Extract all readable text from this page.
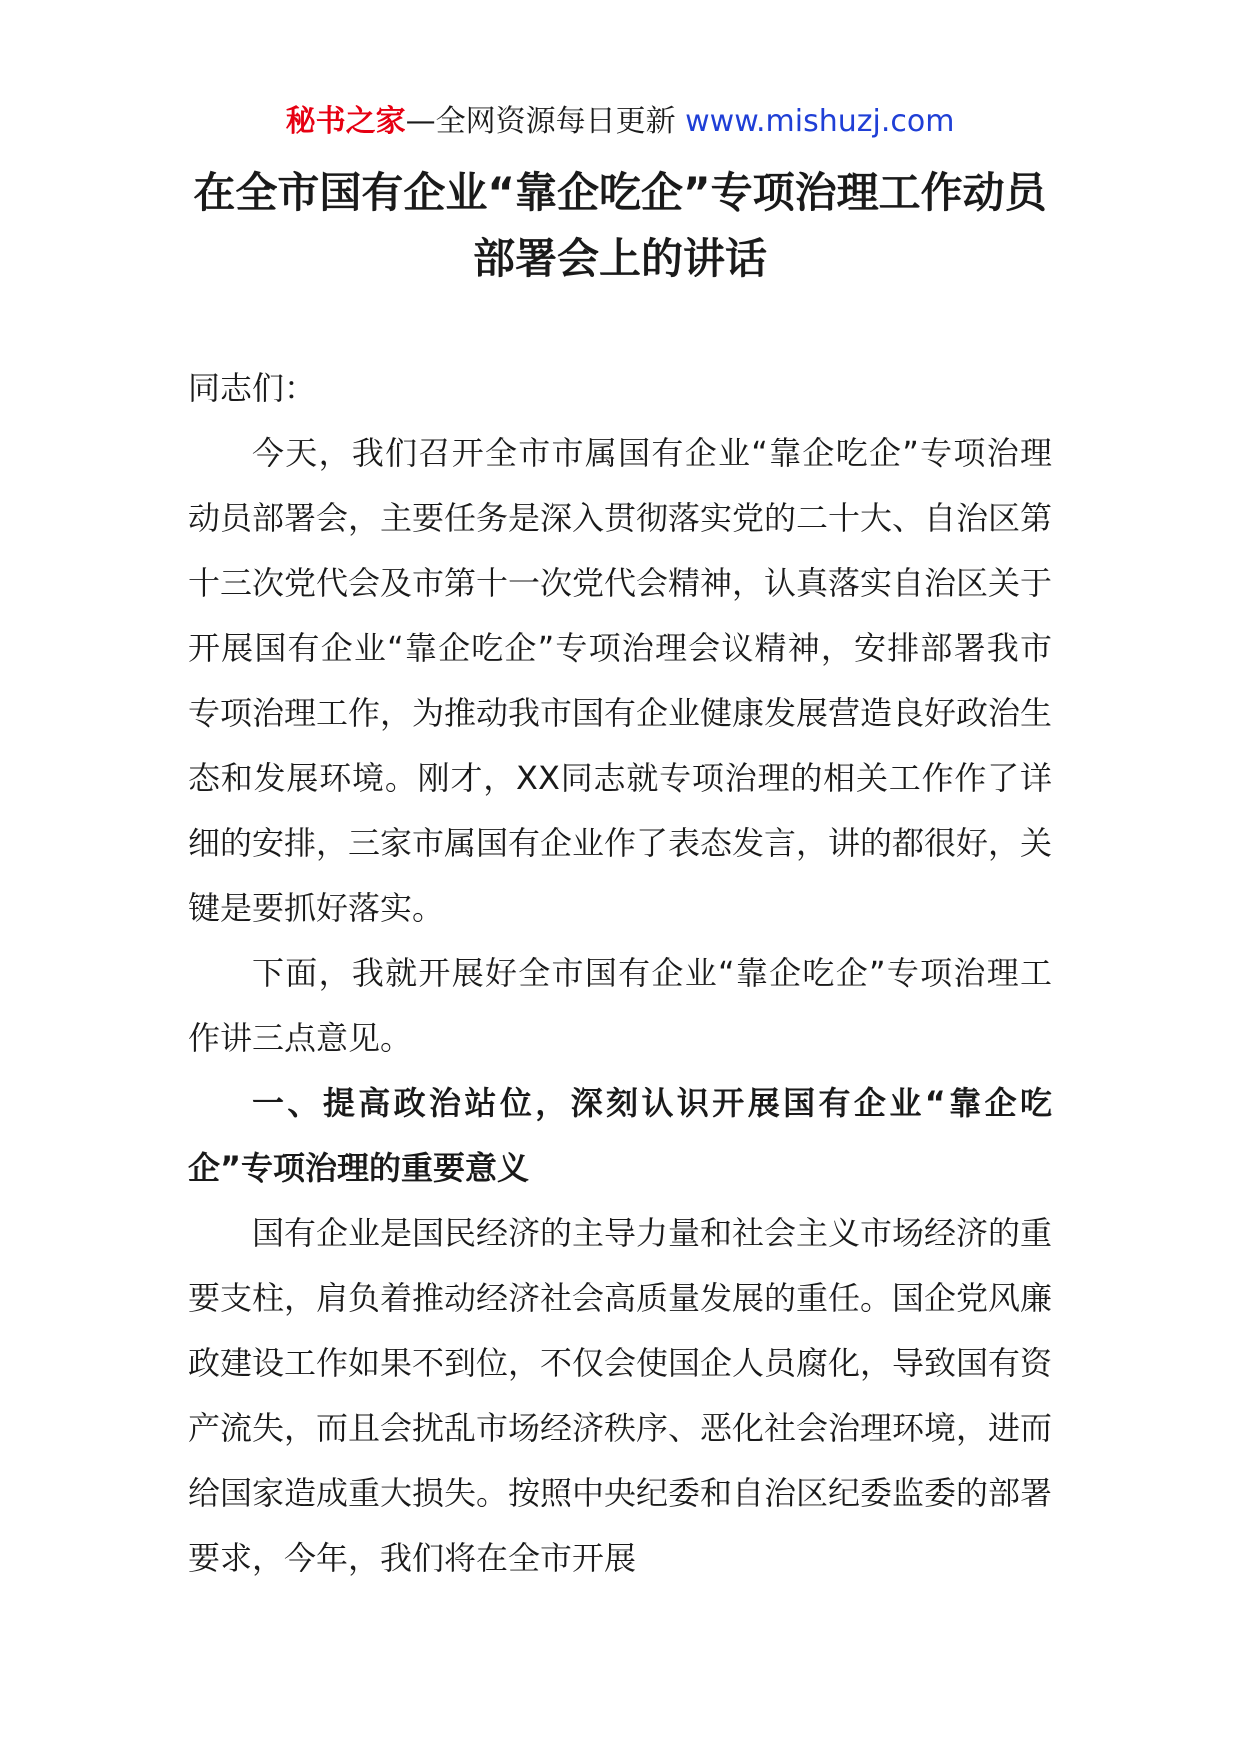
秘书之家—全网资源每日更新 www.mishuzj.com
在全市国有企业“靠企吃企”专项治理工作动员部署会上的讲话

同志们：

今天，我们召开全市市属国有企业“靠企吃企”专项治理动员部署会，主要任务是深入贯彻落实党的二十大、自治区第十三次党代会及市第十一次党代会精神，认真落实自治区关于开展国有企业“靠企吃企”专项治理会议精神，安排部署我市专项治理工作，为推动我市国有企业健康发展营造良好政治生态和发展环境。刚才，XX同志就专项治理的相关工作作了详细的安排，三家市属国有企业作了表态发言，讲的都很好，关键是要抓好落实。

下面，我就开展好全市国有企业“靠企吃企”专项治理工作讲三点意见。

一、提高政治站位，深刻认识开展国有企业“靠企吃企”专项治理的重要意义

国有企业是国民经济的主导力量和社会主义市场经济的重要支柱，肩负着推动经济社会高质量发展的重任。国企党风廉政建设工作如果不到位，不仅会使国企人员腐化，导致国有资产流失，而且会扰乱市场经济秩序、恶化社会治理环境，进而给国家造成重大损失。按照中央纪委和自治区纪委监委的部署要求，今年，我们将在全市开展
